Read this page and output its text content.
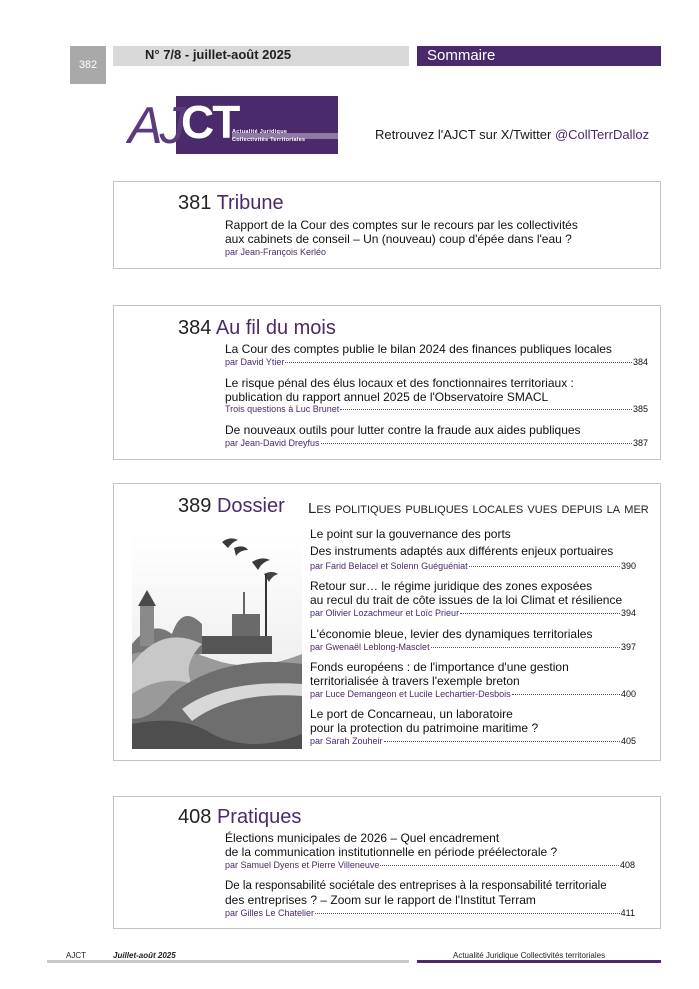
382
N° 7/8 - juillet-août 2025	Sommaire
AJ
CT
Actualité Juridique
Collectivités Territoriales	Retrouvez l'AJCT sur X/Twitter @CollTerrDalloz
381 Tribune
Rapport de la Cour des comptes sur le recours par les collectivités
aux cabinets de conseil – Un (nouveau) coup d'épée dans l'eau ?
par Jean-François Kerléo
384 Au fil du mois
La Cour des comptes publie le bilan 2024 des finances publiques locales
par David Ytier	384
Le risque pénal des élus locaux et des fonctionnaires territoriaux :
publication du rapport annuel 2025 de l'Observatoire SMACL
Trois questions à Luc Brunet	385
De nouveaux outils pour lutter contre la fraude aux aides publiques
par Jean-David Dreyfus	387
389 Dossier Les politiques publiques locales vues depuis la mer
Le point sur la gouvernance des ports
Des instruments adaptés aux différents enjeux portuaires
par Farid Belacel et Solenn Guéguéniat	390
Retour sur… le régime juridique des zones exposées
au recul du trait de côte issues de la loi Climat et résilience
par Olivier Lozachmeur et Loïc Prieur	394
L'économie bleue, levier des dynamiques territoriales
par Gwenaël Leblong-Masclet	397
Fonds européens : de l'importance d'une gestion
territorialisée à travers l'exemple breton
par Luce Demangeon et Lucile Lechartier-Desbois	400
Le port de Concarneau, un laboratoire
pour la protection du patrimoine maritime ?
par Sarah Zouheir	405
408 Pratiques
Élections municipales de 2026 – Quel encadrement
de la communication institutionnelle en période préélectorale ?
par Samuel Dyens et Pierre Villeneuve	408
De la responsabilité sociétale des entreprises à la responsabilité territoriale
des entreprises ? – Zoom sur le rapport de l'Institut Terram
par Gilles Le Chatelier	411
AJCT	Juillet-août 2025	Actualité Juridique Collectivités territoriales
